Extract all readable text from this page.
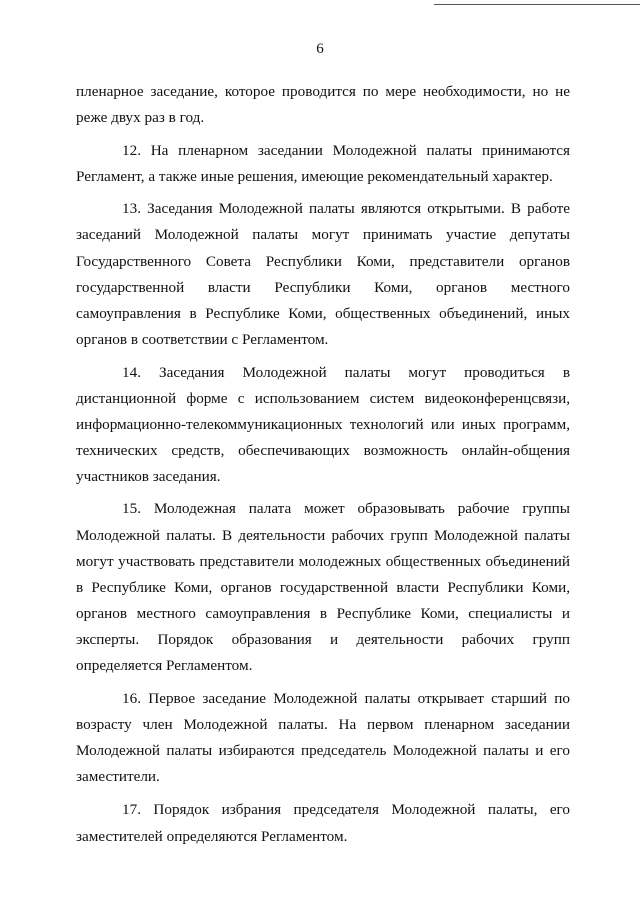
6

пленарное заседание, которое проводится по мере необходимости, но не реже двух раз в год.

12. На пленарном заседании Молодежной палаты принимаются Регламент, а также иные решения, имеющие рекомендательный характер.

13. Заседания Молодежной палаты являются открытыми. В работе заседаний Молодежной палаты могут принимать участие депутаты Государственного Совета Республики Коми, представители органов государственной власти Республики Коми, органов местного самоуправления в Республике Коми, общественных объединений, иных органов в соответствии с Регламентом.

14. Заседания Молодежной палаты могут проводиться в дистанционной форме с использованием систем видеоконференцсвязи, информационно-телекоммуникационных технологий или иных программ, технических средств, обеспечивающих возможность онлайн-общения участников заседания.

15. Молодежная палата может образовывать рабочие группы Молодежной палаты. В деятельности рабочих групп Молодежной палаты могут участвовать представители молодежных общественных объединений в Республике Коми, органов государственной власти Республики Коми, органов местного самоуправления в Республике Коми, специалисты и эксперты. Порядок образования и деятельности рабочих групп определяется Регламентом.

16. Первое заседание Молодежной палаты открывает старший по возрасту член Молодежной палаты. На первом пленарном заседании Молодежной палаты избираются председатель Молодежной палаты и его заместители.

17. Порядок избрания председателя Молодежной палаты, его заместителей определяются Регламентом.
